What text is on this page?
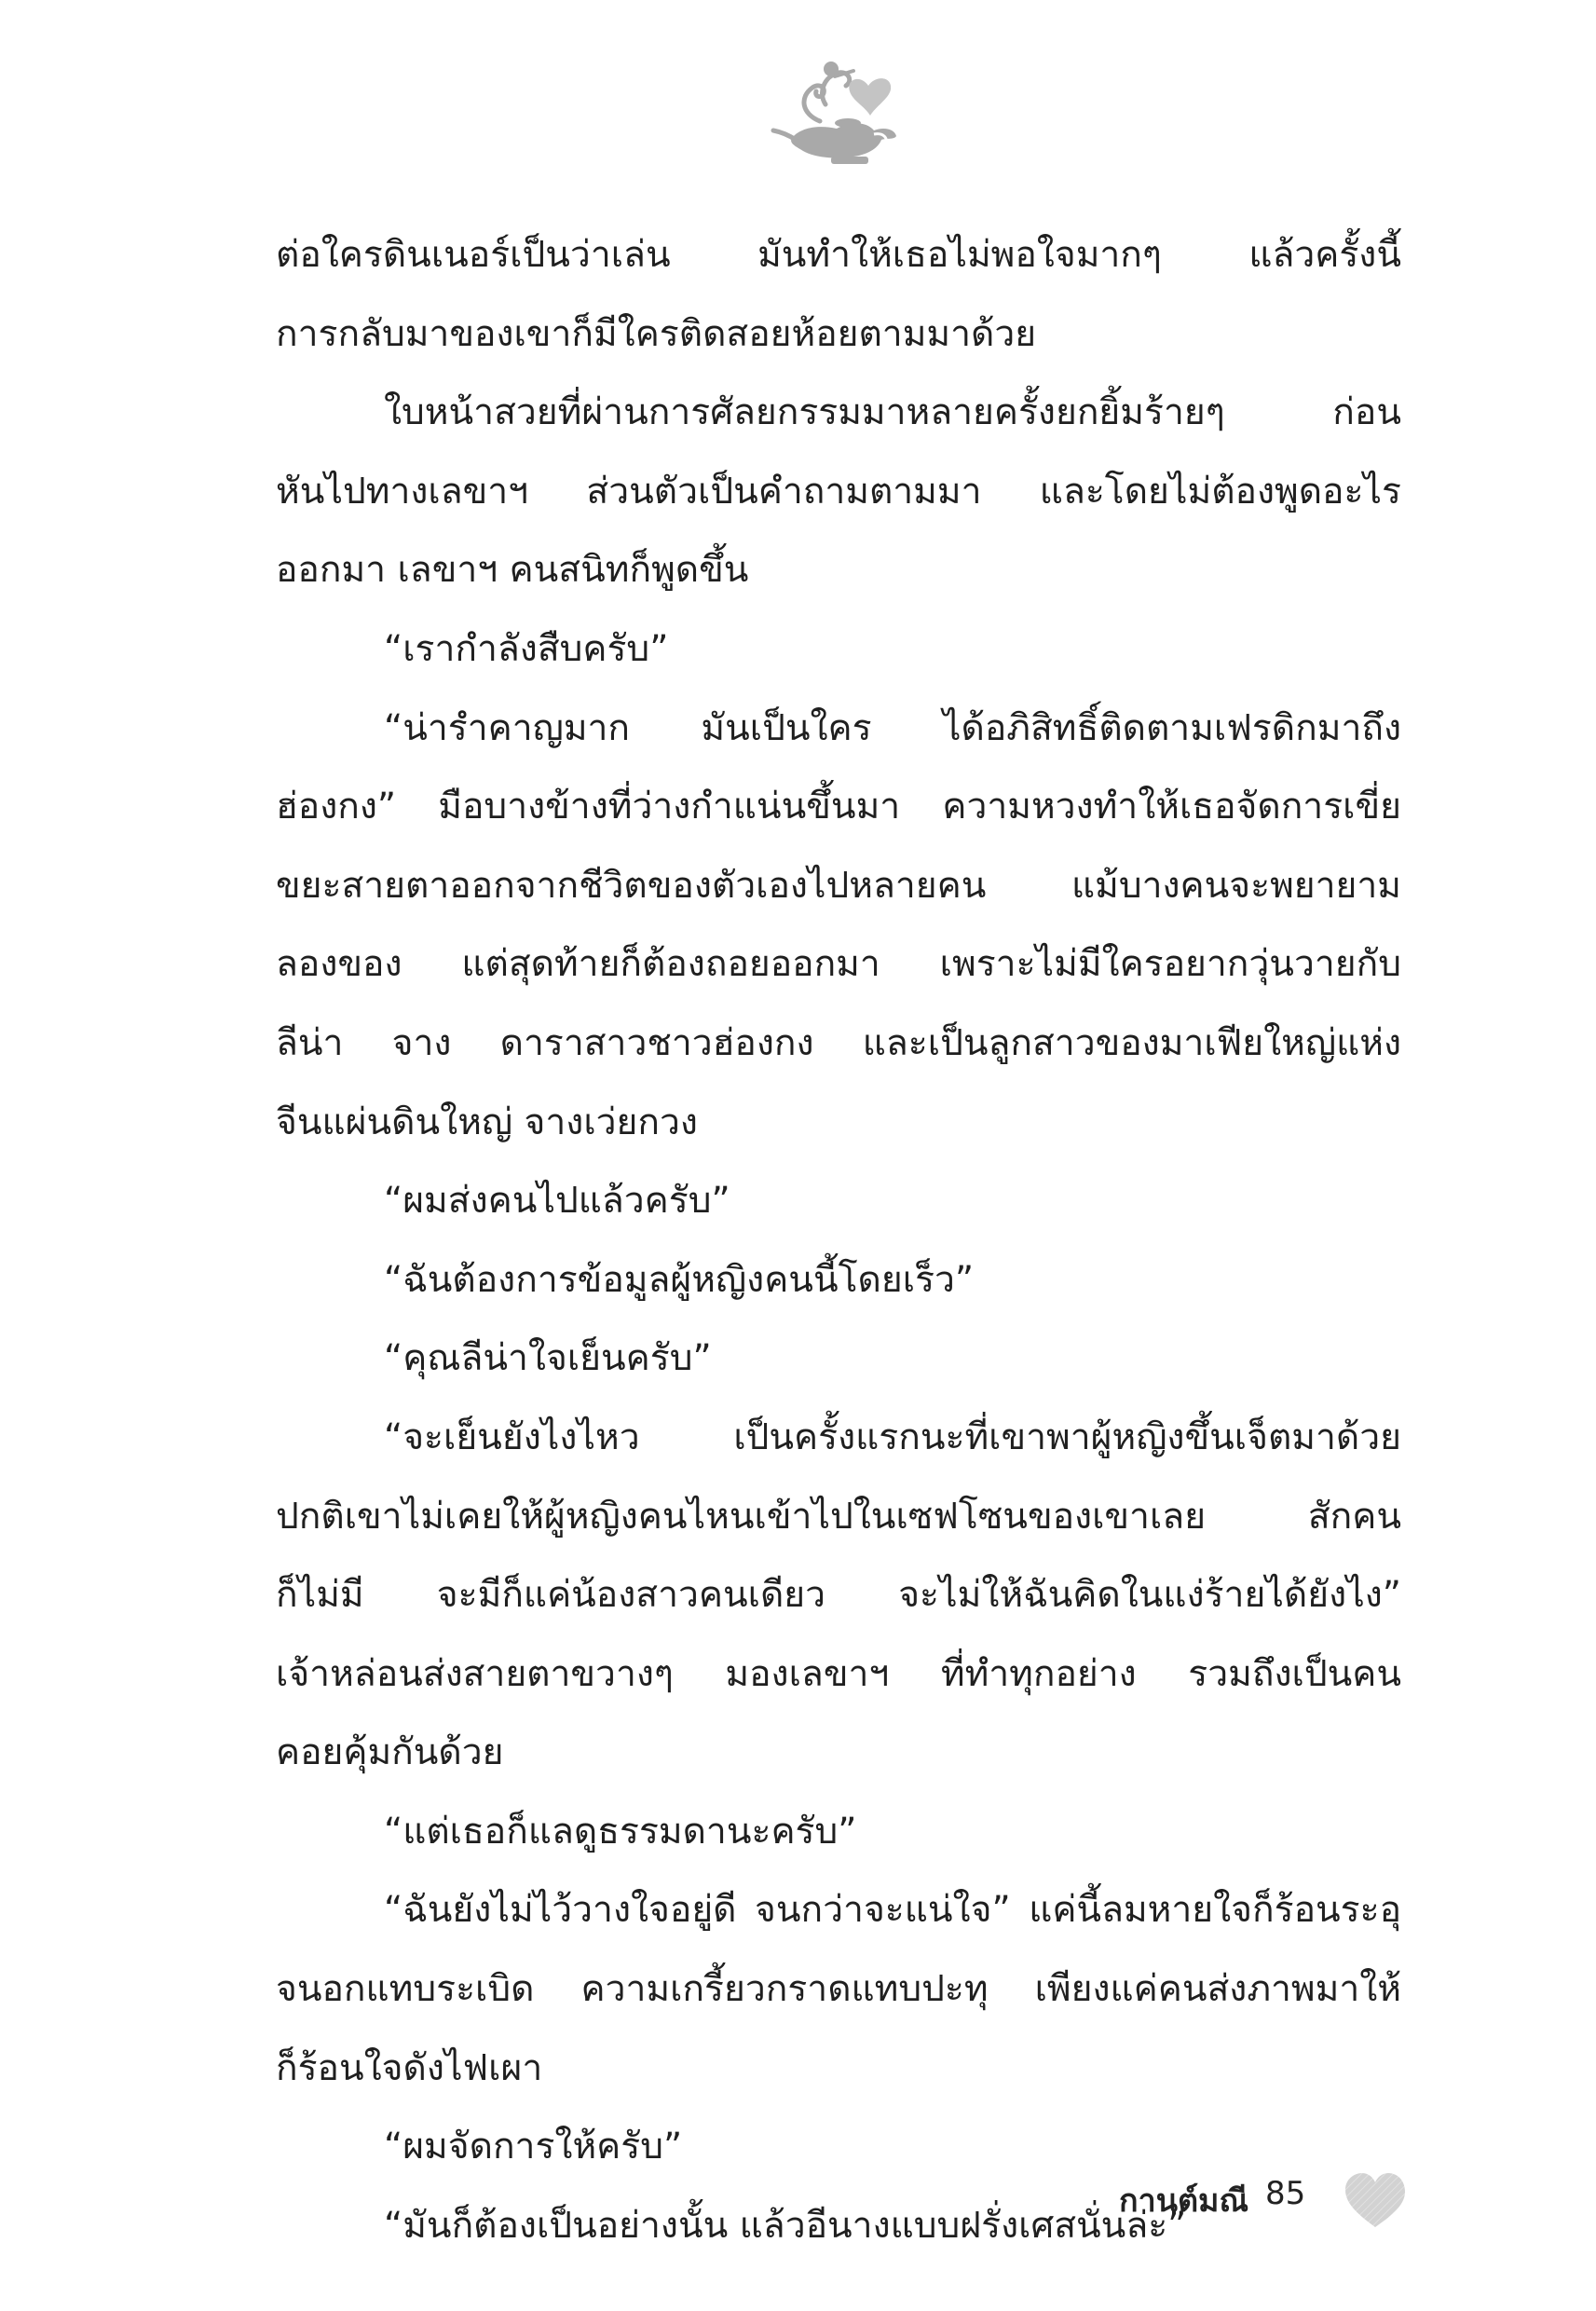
ต่อใครดินเนอร์เป็นว่าเล่น มันทำให้เธอไม่พอใจมากๆ แล้วครั้งนี้
การกลับมาของเขาก็มีใครติดสอยห้อยตามมาด้วย
ใบหน้าสวยที่ผ่านการศัลยกรรมมาหลายครั้งยกยิ้มร้ายๆ ก่อน
หันไปทางเลขาฯ ส่วนตัวเป็นคำถามตามมา และโดยไม่ต้องพูดอะไร
ออกมา เลขาฯ คนสนิทก็พูดขึ้น
“เรากำลังสืบครับ”
“น่ารำคาญมาก มันเป็นใคร ได้อภิสิทธิ์ติดตามเฟรดิกมาถึง
ฮ่องกง” มือบางข้างที่ว่างกำแน่นขึ้นมา ความหวงทำให้เธอจัดการเขี่ย
ขยะสายตาออกจากชีวิตของตัวเองไปหลายคน แม้บางคนจะพยายาม
ลองของ แต่สุดท้ายก็ต้องถอยออกมา เพราะไม่มีใครอยากวุ่นวายกับ
ลีน่า จาง ดาราสาวชาวฮ่องกง และเป็นลูกสาวของมาเฟียใหญ่แห่ง
จีนแผ่นดินใหญ่ จางเว่ยกวง
“ผมส่งคนไปแล้วครับ”
“ฉันต้องการข้อมูลผู้หญิงคนนี้โดยเร็ว”
“คุณลีน่าใจเย็นครับ”
“จะเย็นยังไงไหว เป็นครั้งแรกนะที่เขาพาผู้หญิงขึ้นเจ็ตมาด้วย
ปกติเขาไม่เคยให้ผู้หญิงคนไหนเข้าไปในเซฟโซนของเขาเลย สักคน
ก็ไม่มี จะมีก็แค่น้องสาวคนเดียว จะไม่ให้ฉันคิดในแง่ร้ายได้ยังไง”
เจ้าหล่อนส่งสายตาขวางๆ มองเลขาฯ ที่ทำทุกอย่าง รวมถึงเป็นคน
คอยคุ้มกันด้วย
“แต่เธอก็แลดูธรรมดานะครับ”
“ฉันยังไม่ไว้วางใจอยู่ดี จนกว่าจะแน่ใจ” แค่นี้ลมหายใจก็ร้อนระอุ
จนอกแทบระเบิด ความเกรี้ยวกราดแทบปะทุ เพียงแค่คนส่งภาพมาให้
ก็ร้อนใจดังไฟเผา
“ผมจัดการให้ครับ”
“มันก็ต้องเป็นอย่างนั้น แล้วอีนางแบบฝรั่งเศสนั่นล่ะ”
กานต์มณี 85
